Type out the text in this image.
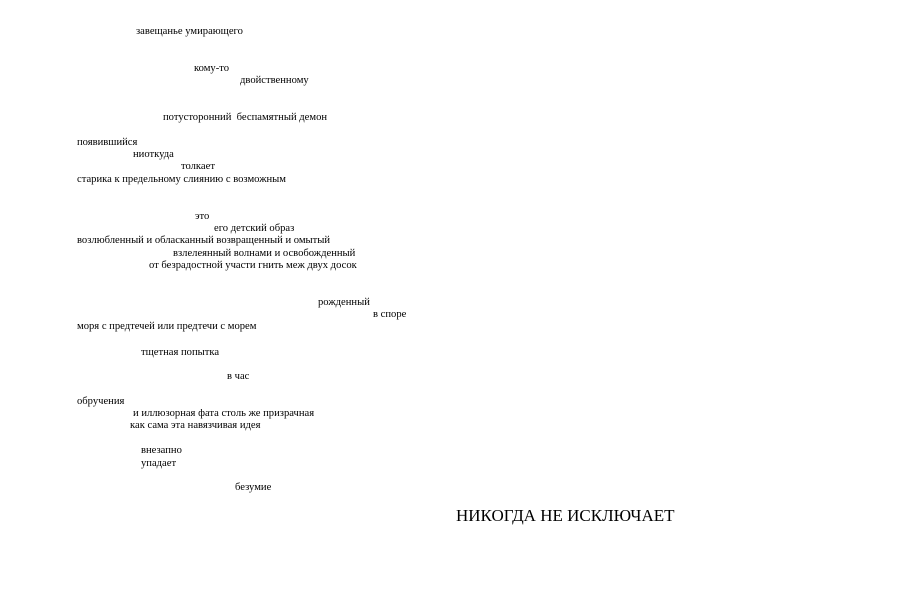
завещанье умирающего
кому-то
двойственному
потусторонний  беспамятный демон
появившийся
ниоткуда
толкает
старика к предельному слиянию с возможным
это
его детский образ
возлюбленный и обласканный возвращенный и омытый
взлелеянный волнами и освобожденный
от безрадостной участи гнить меж двух досок
рожденный
в споре
моря с предтечей или предтечи с морем
тщетная попытка
в час
обручения
и иллюзорная фата столь же призрачная
как сама эта навязчивая идея
внезапно
упадает
безумие
НИКОГДА НЕ ИСКЛЮЧАЕТ
